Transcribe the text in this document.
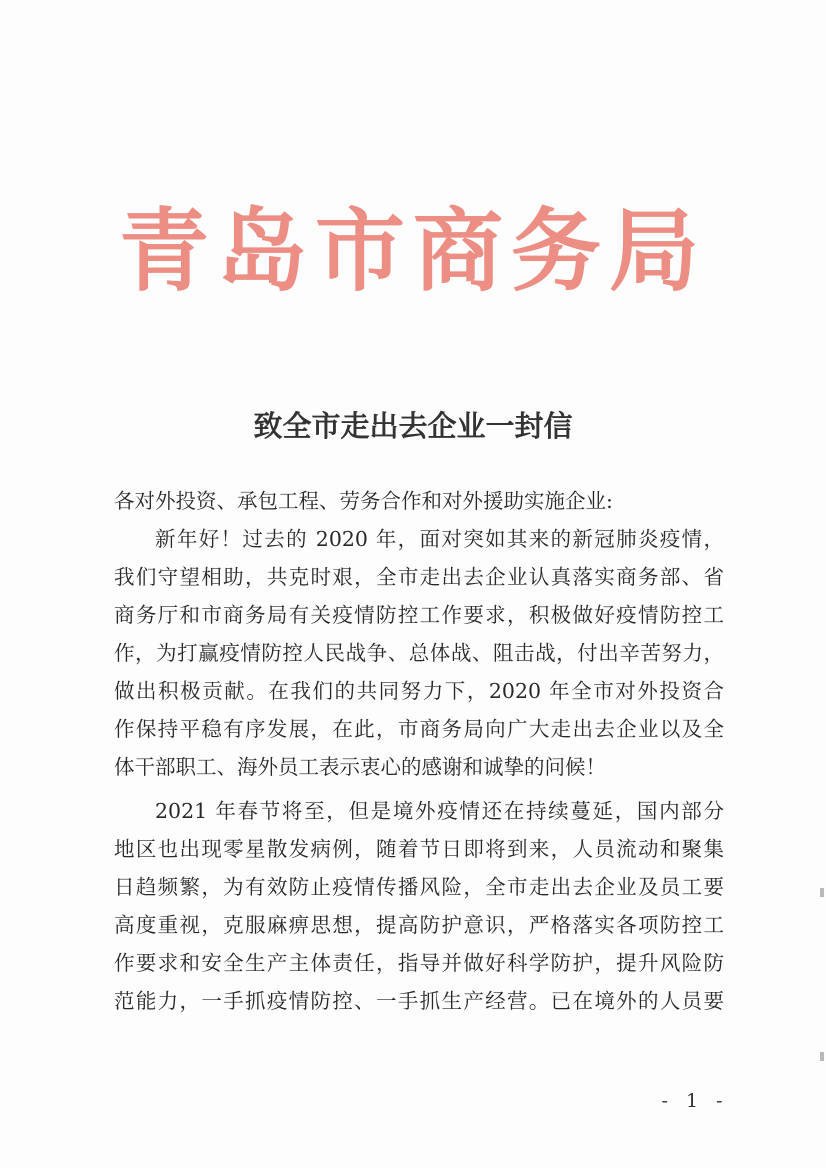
青岛市商务局
致全市走出去企业一封信
各对外投资、承包工程、劳务合作和对外援助实施企业:
新年好！过去的 2020 年，面对突如其来的新冠肺炎疫情，
我们守望相助，共克时艰，全市走出去企业认真落实商务部、省
商务厅和市商务局有关疫情防控工作要求，积极做好疫情防控工
作，为打赢疫情防控人民战争、总体战、阻击战，付出辛苦努力，
做出积极贡献。在我们的共同努力下，2020 年全市对外投资合
作保持平稳有序发展，在此，市商务局向广大走出去企业以及全
体干部职工、海外员工表示衷心的感谢和诚挚的问候！
2021 年春节将至，但是境外疫情还在持续蔓延，国内部分
地区也出现零星散发病例，随着节日即将到来，人员流动和聚集
日趋频繁，为有效防止疫情传播风险，全市走出去企业及员工要
高度重视，克服麻痹思想，提高防护意识，严格落实各项防控工
作要求和安全生产主体责任，指导并做好科学防护，提升风险防
范能力，一手抓疫情防控、一手抓生产经营。已在境外的人员要
- 1 -
